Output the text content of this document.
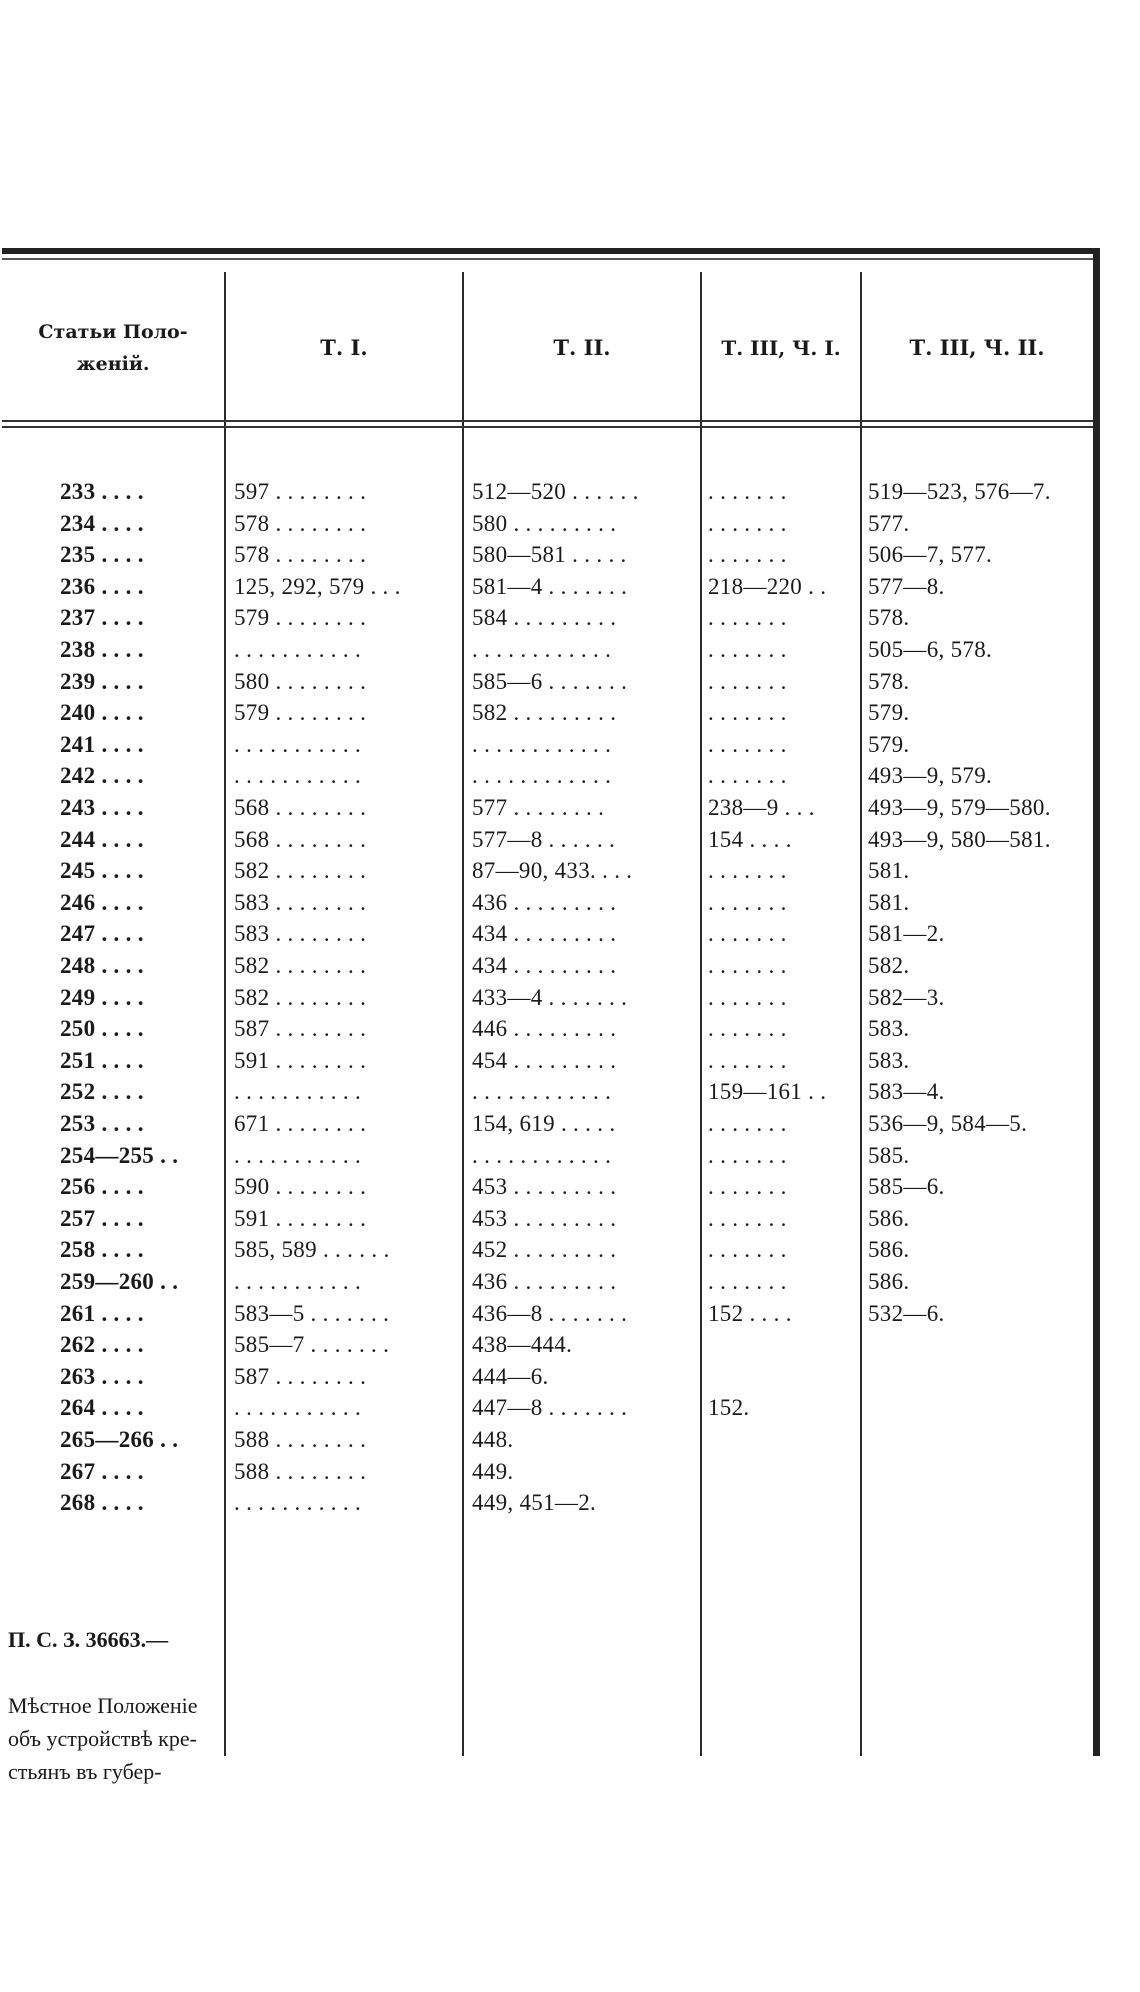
Статьи Поло-
женій.
Т. I.	Т. II.	Т. III, Ч. I.	Т. III, Ч. II.
233 . . . .	597 . . . . . . . .	512—520 . . . . . .	. . . . . . .	519—523, 576—7.
234 . . . .	578 . . . . . . . .	580 . . . . . . . . .	. . . . . . .	577.
235 . . . .	578 . . . . . . . .	580—581 . . . . .	. . . . . . .	506—7, 577.
236 . . . .	125, 292, 579 . . .	581—4 . . . . . . .	218—220 . .	577—8.
237 . . . .	579 . . . . . . . .	584 . . . . . . . . .	. . . . . . .	578.
238 . . . .	. . . . . . . . . . .	. . . . . . . . . . . .	. . . . . . .	505—6, 578.
239 . . . .	580 . . . . . . . .	585—6 . . . . . . .	. . . . . . .	578.
240 . . . .	579 . . . . . . . .	582 . . . . . . . . .	. . . . . . .	579.
241 . . . .	. . . . . . . . . . .	. . . . . . . . . . . .	. . . . . . .	579.
242 . . . .	. . . . . . . . . . .	. . . . . . . . . . . .	. . . . . . .	493—9, 579.
243 . . . .	568 . . . . . . . .	577 . . . . . . . .	238—9 . . .	493—9, 579—580.
244 . . . .	568 . . . . . . . .	577—8 . . . . . .	154 . . . .	493—9, 580—581.
245 . . . .	582 . . . . . . . .	87—90, 433. . . .	. . . . . . .	581.
246 . . . .	583 . . . . . . . .	436 . . . . . . . . .	. . . . . . .	581.
247 . . . .	583 . . . . . . . .	434 . . . . . . . . .	. . . . . . .	581—2.
248 . . . .	582 . . . . . . . .	434 . . . . . . . . .	. . . . . . .	582.
249 . . . .	582 . . . . . . . .	433—4 . . . . . . .	. . . . . . .	582—3.
250 . . . .	587 . . . . . . . .	446 . . . . . . . . .	. . . . . . .	583.
251 . . . .	591 . . . . . . . .	454 . . . . . . . . .	. . . . . . .	583.
252 . . . .	. . . . . . . . . . .	. . . . . . . . . . . .	159—161 . .	583—4.
253 . . . .	671 . . . . . . . .	154, 619 . . . . .	. . . . . . .	536—9, 584—5.
254—255 . .	. . . . . . . . . . .	. . . . . . . . . . . .	. . . . . . .	585.
256 . . . .	590 . . . . . . . .	453 . . . . . . . . .	. . . . . . .	585—6.
257 . . . .	591 . . . . . . . .	453 . . . . . . . . .	. . . . . . .	586.
258 . . . .	585, 589 . . . . . .	452 . . . . . . . . .	. . . . . . .	586.
259—260 . .	. . . . . . . . . . .	436 . . . . . . . . .	. . . . . . .	586.
261 . . . .	583—5 . . . . . . .	436—8 . . . . . . .	152 . . . .	532—6.
262 . . . .	585—7 . . . . . . .	438—444.
263 . . . .	587 . . . . . . . .	444—6.
264 . . . .	. . . . . . . . . . .	447—8 . . . . . . .	152.
265—266 . .	588 . . . . . . . .	448.
267 . . . .	588 . . . . . . . .	449.
268 . . . .	. . . . . . . . . . .	449, 451—2.

П. С. З. 36663.—

Мѣстное Положеніе
объ устройствѣ кре-
стьянъ въ губер-
